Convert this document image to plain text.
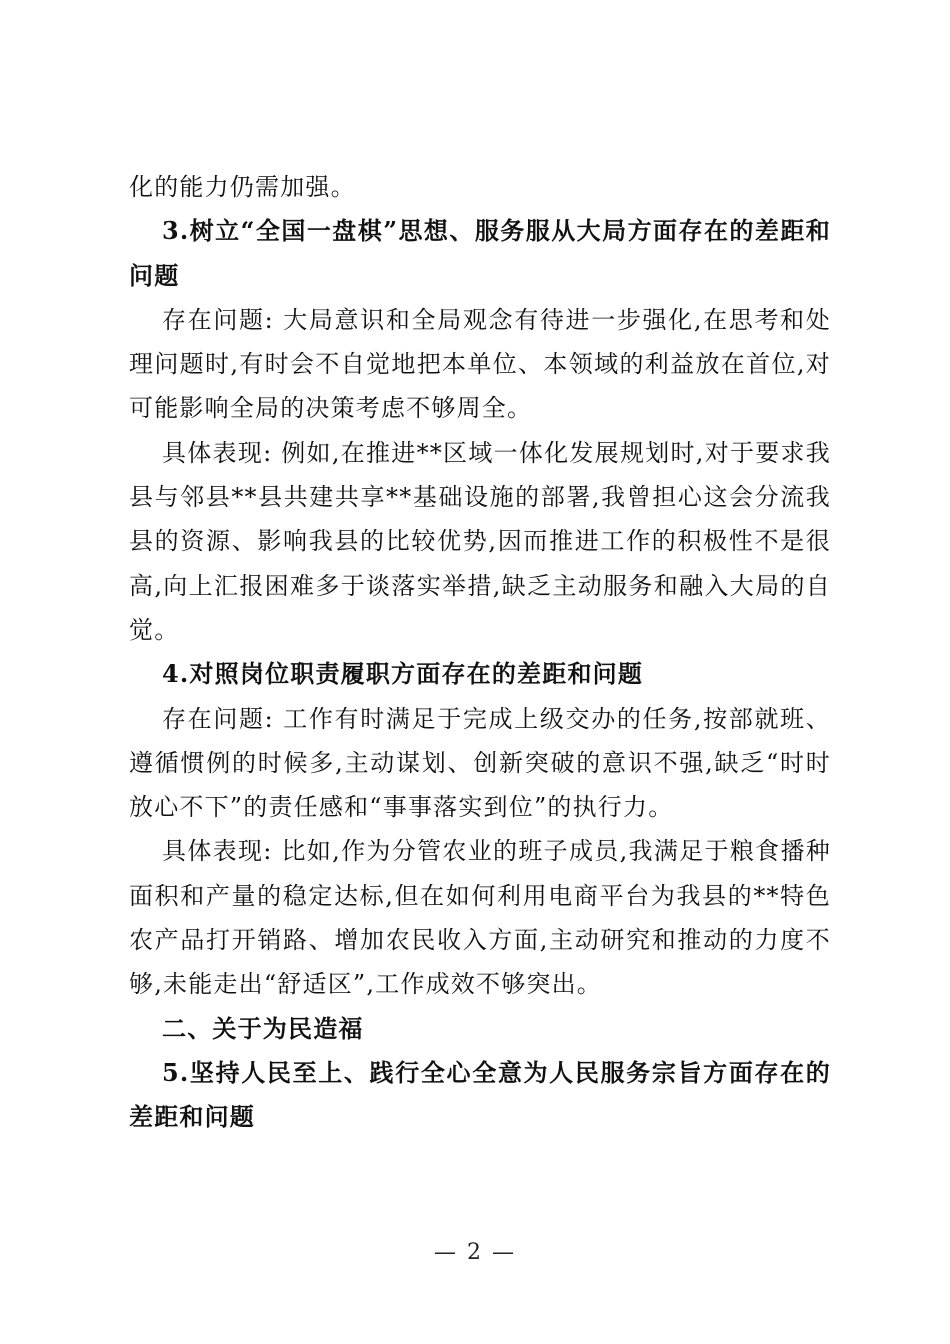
化的能力仍需加强。

3.树立“全国一盘棋”思想、服务服从大局方面存在的差距和问题

存在问题: 大局意识和全局观念有待进一步强化,在思考和处理问题时,有时会不自觉地把本单位、本领域的利益放在首位,对可能影响全局的决策考虑不够周全。

具体表现: 例如,在推进**区域一体化发展规划时,对于要求我县与邻县**县共建共享**基础设施的部署,我曾担心这会分流我县的资源、影响我县的比较优势,因而推进工作的积极性不是很高,向上汇报困难多于谈落实举措,缺乏主动服务和融入大局的自觉。

4.对照岗位职责履职方面存在的差距和问题

存在问题: 工作有时满足于完成上级交办的任务,按部就班、遵循惯例的时候多,主动谋划、创新突破的意识不强,缺乏“时时放心不下”的责任感和“事事落实到位”的执行力。

具体表现: 比如,作为分管农业的班子成员,我满足于粮食播种面积和产量的稳定达标,但在如何利用电商平台为我县的**特色农产品打开销路、增加农民收入方面,主动研究和推动的力度不够,未能走出“舒适区”,工作成效不够突出。

二、关于为民造福

5.坚持人民至上、践行全心全意为人民服务宗旨方面存在的差距和问题

— 2 —
